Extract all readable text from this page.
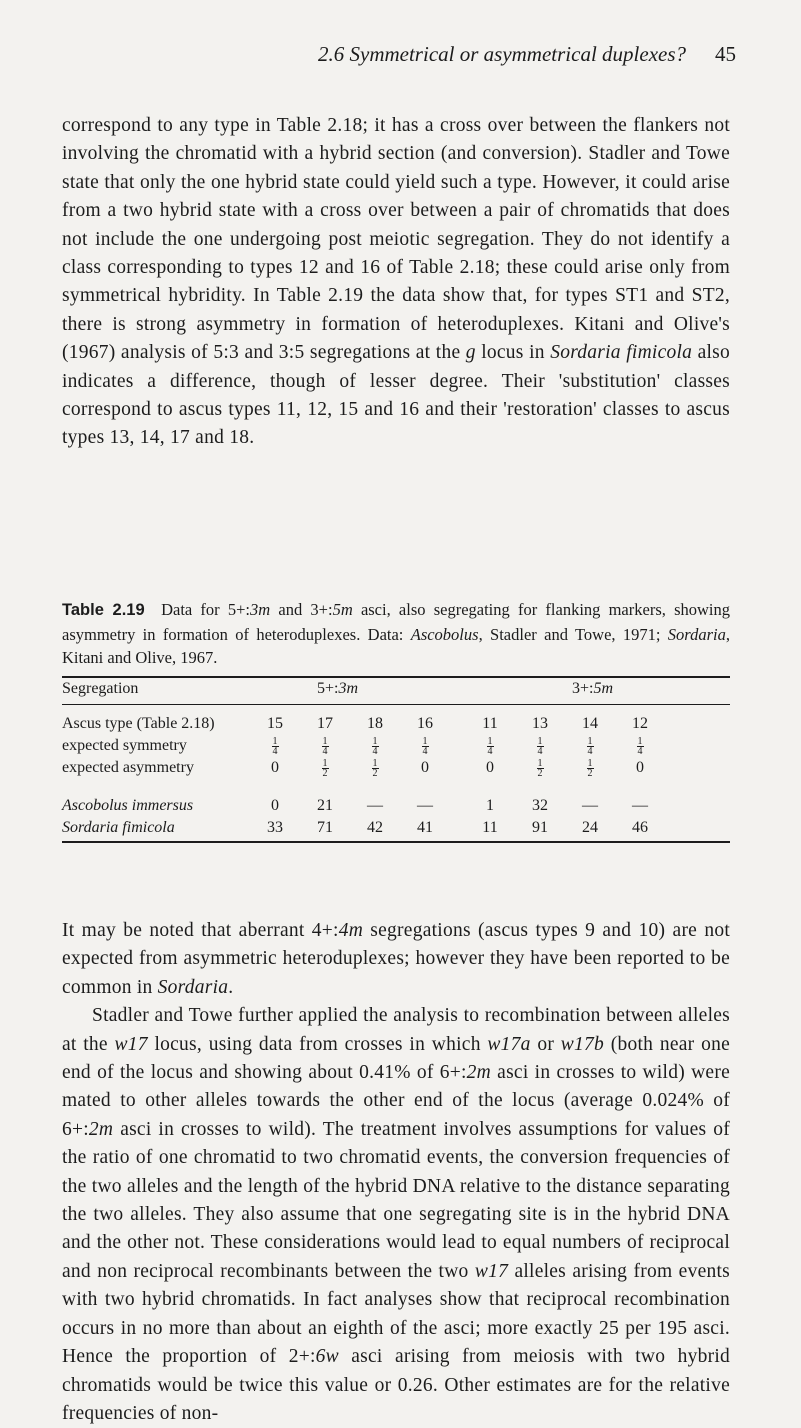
2.6 Symmetrical or asymmetrical duplexes? 45

correspond to any type in Table 2.18; it has a cross over between the flankers not involving the chromatid with a hybrid section (and conversion). Stadler and Towe state that only the one hybrid state could yield such a type. However, it could arise from a two hybrid state with a cross over between a pair of chromatids that does not include the one undergoing post meiotic segregation. They do not identify a class corresponding to types 12 and 16 of Table 2.18; these could arise only from symmetrical hybridity. In Table 2.19 the data show that, for types ST1 and ST2, there is strong asymmetry in formation of heteroduplexes. Kitani and Olive's (1967) analysis of 5:3 and 3:5 segregations at the g locus in Sordaria fimicola also indicates a difference, though of lesser degree. Their 'substitution' classes correspond to ascus types 11, 12, 15 and 16 and their 'restoration' classes to ascus types 13, 14, 17 and 18.

Table 2.19 Data for 5+:3m and 3+:5m asci, also segregating for flanking markers, showing asymmetry in formation of heteroduplexes. Data: Ascobolus, Stadler and Towe, 1971; Sordaria, Kitani and Olive, 1967.
Segregation	5+:3m	3+:5m
Ascus type (Table 2.18)	15	17	18	16	11	13	14	12
expected symmetry	$\frac{1}{4}$	$\frac{1}{4}$	$\frac{1}{4}$	$\frac{1}{4}$	$\frac{1}{4}$	$\frac{1}{4}$	$\frac{1}{4}$	$\frac{1}{4}$
expected asymmetry	0	$\frac{1}{2}$	$\frac{1}{2}$	0	0	$\frac{1}{2}$	$\frac{1}{2}$	0
Ascobolus immersus	0	21	—	—	1	32	—	—
Sordaria fimicola	33	71	42	41	11	91	24	46

It may be noted that aberrant 4+:4m segregations (ascus types 9 and 10) are not expected from asymmetric heteroduplexes; however they have been reported to be common in Sordaria.

Stadler and Towe further applied the analysis to recombination between alleles at the w17 locus, using data from crosses in which w17a or w17b (both near one end of the locus and showing about 0.41% of 6+:2m asci in crosses to wild) were mated to other alleles towards the other end of the locus (average 0.024% of 6+:2m asci in crosses to wild). The treatment involves assumptions for values of the ratio of one chromatid to two chromatid events, the conversion frequencies of the two alleles and the length of the hybrid DNA relative to the distance separating the two alleles. They also assume that one segregating site is in the hybrid DNA and the other not. These considerations would lead to equal numbers of reciprocal and non reciprocal recombinants between the two w17 alleles arising from events with two hybrid chromatids. In fact analyses show that reciprocal recombination occurs in no more than about an eighth of the asci; more exactly 25 per 195 asci. Hence the proportion of 2+:6w asci arising from meiosis with two hybrid chromatids would be twice this value or 0.26. Other estimates are for the relative frequencies of non-
